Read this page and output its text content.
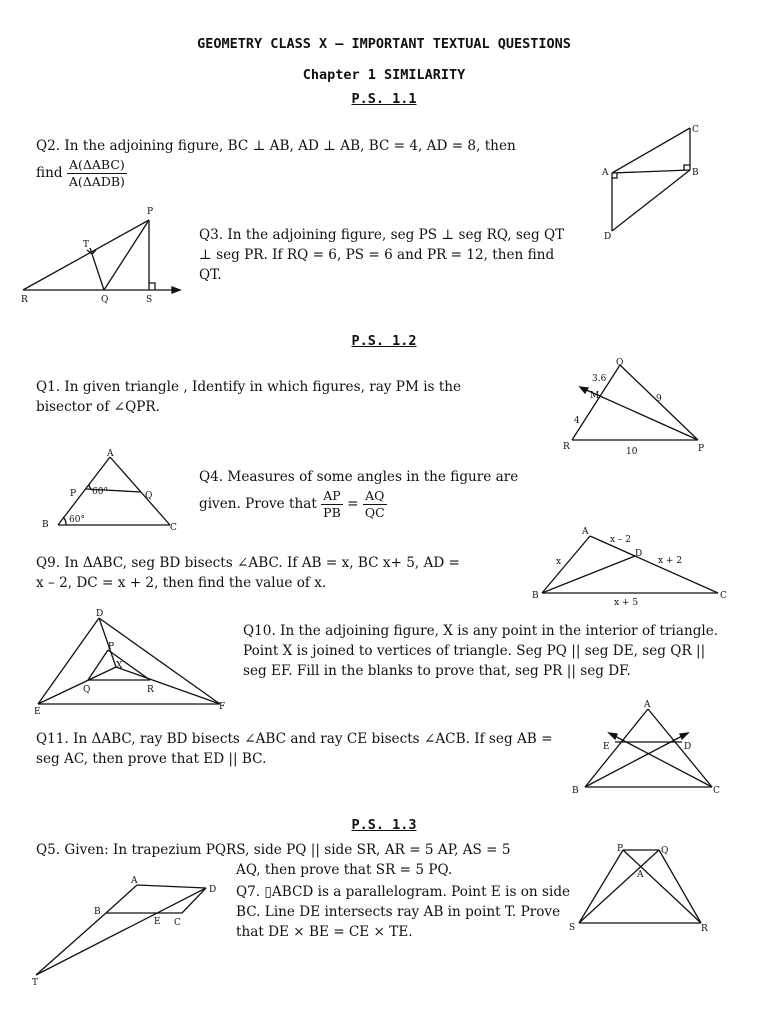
GEOMETRY CLASS X – IMPORTANT TEXTUAL QUESTIONS
Chapter 1 SIMILARITY
P.S. 1.1
P.S. 1.2
P.S. 1.3
Q2. In the adjoining figure, BC ⊥ AB, AD ⊥ AB, BC = 4, AD = 8, then
find $\frac{\text{A(ΔABC)}}{\text{A(ΔADB)}}$	A	B
C
D
P
T
R	Q	S
Q3. In the adjoining figure, seg PS ⊥ seg RQ, seg QT ⊥ seg PR. If RQ = 6, PS = 6 and PR = 12, then find QT.
Q1. In given triangle , Identify in which figures, ray PM is the bisector of ∠QPR.
Q
M
R	P
3.6
4
9
10
A
P	Q
B	C
60°
60°
Q4. Measures of some angles in the figure are
given. Prove that $\frac{AP}{PB} = \frac{AQ}{QC}$
Q9. In ΔABC, seg BD bisects ∠ABC. If AB = x, BC x+ 5, AD = x – 2, DC = x + 2, then find the value of x.
A
D
B	C
x
x – 2
x + 2
x + 5
D
P
X
Q	R
E	F
Q10. In the adjoining figure, X is any point in the interior of triangle. Point X is joined to vertices of triangle. Seg PQ || seg DE, seg QR || seg EF. Fill in the blanks to prove that, seg PR || seg DF.
Q11. In ΔABC, ray BD bisects ∠ABC and ray CE bisects ∠ACB. If seg AB = seg AC, then prove that ED || BC.
A
E	D
B	C
Q5. Given: In trapezium PQRS, side PQ || side SR, AR = 5 AP, AS = 5
AQ, then prove that SR = 5 PQ.
P	Q
A
S	R
A
D
B
E C
T
Q7. ▯ABCD is a parallelogram. Point E is on side BC. Line DE intersects ray AB in point T. Prove that DE × BE = CE × TE.
